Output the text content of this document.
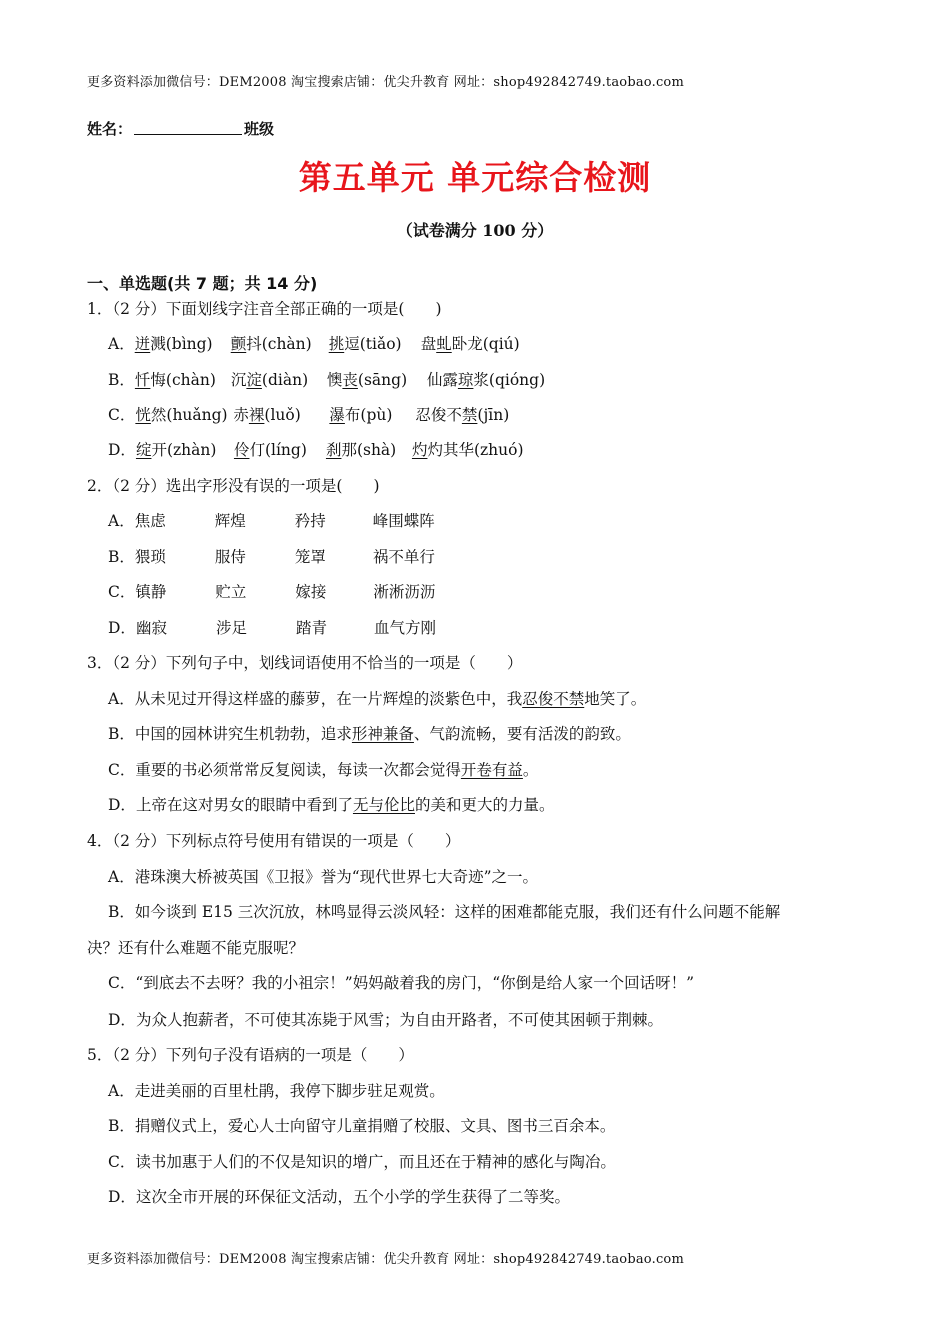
更多资料添加微信号：DEM2008 淘宝搜索店铺：优尖升教育 网址：shop492842749.taobao.com
姓名：	班级
第五单元 单元综合检测
（试卷满分 100 分）
一、单选题(共 7 题；共 14 分)
1．（2 分）下面划线字注音全部正确的一项是(　　)
A．迸溅(bìng) 颤抖(chàn) 挑逗(tiǎo) 盘虬卧龙(qiú)
B．忏悔(chàn) 沉淀(diàn) 懊丧(sāng) 仙露琼浆(qióng)
C．恍然(huǎng) 赤裸(luǒ) 瀑布(pù) 忍俊不禁(jīn)
D．绽开(zhàn) 伶仃(líng) 刹那(shà) 灼灼其华(zhuó)
2．（2 分）选出字形没有误的一项是(　　)
A．焦虑	辉煌	矜持	峰围蝶阵
B．猥琐	服侍	笼罩	祸不单行
C．镇静	贮立	嫁接	淅淅沥沥
D．幽寂	涉足	踏青	血气方刚
3．（2 分）下列句子中，划线词语使用不恰当的一项是（　　）
A．从未见过开得这样盛的藤萝，在一片辉煌的淡紫色中，我忍俊不禁地笑了。
B．中国的园林讲究生机勃勃，追求形神兼备、气韵流畅，要有活泼的韵致。
C．重要的书必须常常反复阅读，每读一次都会觉得开卷有益。
D．上帝在这对男女的眼睛中看到了无与伦比的美和更大的力量。
4．（2 分）下列标点符号使用有错误的一项是（　　）
A．港珠澳大桥被英国《卫报》誉为“现代世界七大奇迹”之一。
B．如今谈到 E15 三次沉放，林鸣显得云淡风轻：这样的困难都能克服，我们还有什么问题不能解
决？还有什么难题不能克服呢？
C．“到底去不去呀？我的小祖宗！”妈妈敲着我的房门，“你倒是给人家一个回话呀！”
D．为众人抱薪者，不可使其冻毙于风雪；为自由开路者，不可使其困顿于荆棘。
5．（2 分）下列句子没有语病的一项是（　　）
A．走进美丽的百里杜鹃，我停下脚步驻足观赏。
B．捐赠仪式上，爱心人士向留守儿童捐赠了校服、文具、图书三百余本。
C．读书加惠于人们的不仅是知识的增广，而且还在于精神的感化与陶冶。
D．这次全市开展的环保征文活动，五个小学的学生获得了二等奖。
更多资料添加微信号：DEM2008 淘宝搜索店铺：优尖升教育 网址：shop492842749.taobao.com
